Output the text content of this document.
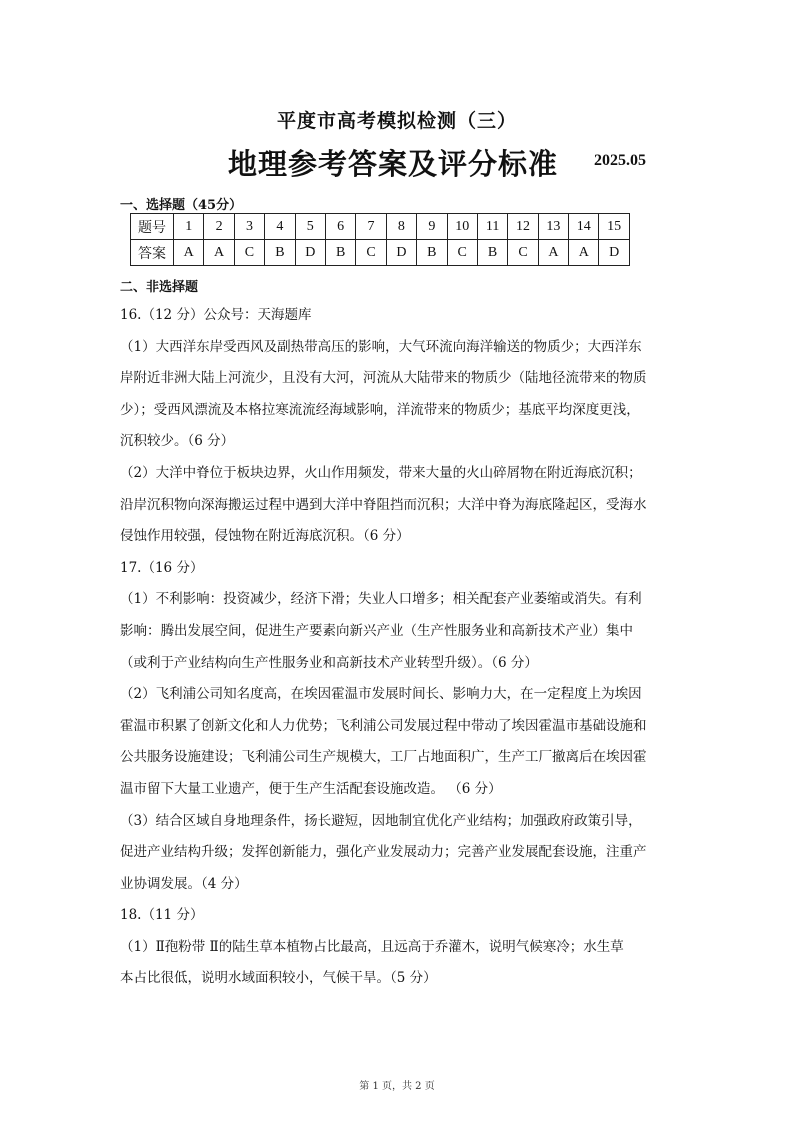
平度市高考模拟检测（三）
地理参考答案及评分标准 2025.05
一、选择题（45分）
题号	1	2	3	4	5	6	7	8	9	10	11	12	13	14	15
答案	A	A	C	B	D	B	C	D	B	C	B	C	A	A	D
二、非选择题

16.（12 分）公众号：天海题库

（1）大西洋东岸受西风及副热带高压的影响，大气环流向海洋输送的物质少；大西洋东

岸附近非洲大陆上河流少，且没有大河，河流从大陆带来的物质少（陆地径流带来的物质

少）；受西风漂流及本格拉寒流流经海域影响，洋流带来的物质少；基底平均深度更浅，

沉积较少。（6 分）

（2）大洋中脊位于板块边界，火山作用频发，带来大量的火山碎屑物在附近海底沉积；

沿岸沉积物向深海搬运过程中遇到大洋中脊阻挡而沉积；大洋中脊为海底隆起区，受海水

侵蚀作用较强，侵蚀物在附近海底沉积。（6 分）

17.（16 分）

（1）不利影响：投资减少，经济下滑；失业人口增多；相关配套产业萎缩或消失。有利

影响：腾出发展空间，促进生产要素向新兴产业（生产性服务业和高新技术产业）集中

（或利于产业结构向生产性服务业和高新技术产业转型升级）。（6 分）

（2）飞利浦公司知名度高，在埃因霍温市发展时间长、影响力大，在一定程度上为埃因

霍温市积累了创新文化和人力优势；飞利浦公司发展过程中带动了埃因霍温市基础设施和

公共服务设施建设；飞利浦公司生产规模大，工厂占地面积广，生产工厂撤离后在埃因霍

温市留下大量工业遗产，便于生产生活配套设施改造。 （6 分）

（3）结合区域自身地理条件，扬长避短，因地制宜优化产业结构；加强政府政策引导，

促进产业结构升级；发挥创新能力，强化产业发展动力；完善产业发展配套设施，注重产

业协调发展。（4 分）

18.（11 分）

（1）Ⅱ孢粉带 Ⅱ的陆生草本植物占比最高，且远高于乔灌木，说明气候寒冷；水生草

本占比很低，说明水域面积较小，气候干旱。（5 分）

第 1 页，共 2 页
